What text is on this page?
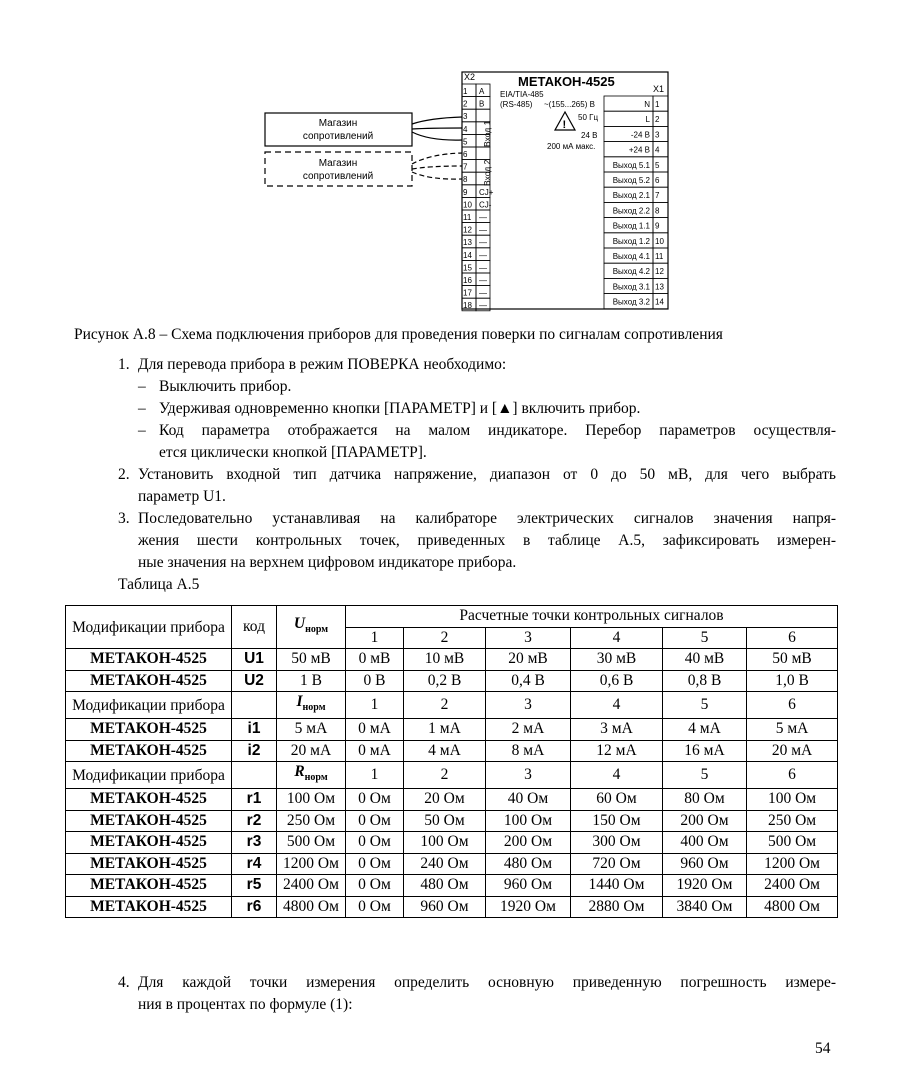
1 A
2 B
3
4
5
6
7
8
9 CJ+
10 CJ-
11 —
12 —
13 —
14 —
15 —
16 —
17 —
18 —
N 1
L 2
-24 В 3
+24 В 4
Выход 5.1 5
Выход 5.2 6
Выход 2.1 7
Выход 2.2 8
Выход 1.1 9
Выход 1.2 10
Выход 4.1 11
Выход 4.2 12
Выход 3.1 13
Выход 3.2 14
X2	МЕТАКОН-4525	X1
EIA/TIA-485
(RS-485) ~(155...265) В
50 Гц
!
24 В
200 мА макс.
Вход 1
Вход 2
Магазин
сопротивлений
Магазин
сопротивлений
Рисунок А.8 – Схема подключения приборов для проведения поверки по сигналам сопротивления
1. Для перевода прибора в режим ПОВЕРКА необходимо:
– Выключить прибор.
– Удерживая одновременно кнопки [ПАРАМЕТР] и [▲] включить прибор.
– Код параметра отображается на малом индикаторе. Перебор параметров осуществля-
ется циклически кнопкой [ПАРАМЕТР].
2. Установить входной тип датчика напряжение, диапазон от 0 до 50 мВ, для чего выбрать
параметр U1.
3. Последовательно устанавливая на калибраторе электрических сигналов значения напря-
жения шести контрольных точек, приведенных в таблице А.5, зафиксировать измерен-
ные значения на верхнем цифровом индикаторе прибора.
Таблица А.5
Модификации прибора	код	$U_{норм}$	Расчетные точки контрольных сигналов					
			1	2	3	4	5	6
МЕТАКОН-4525	U1	50 мВ	0 мВ	10 мВ	20 мВ	30 мВ	40 мВ	50 мВ
МЕТАКОН-4525	U2	1 В	0 В	0,2 В	0,4 В	0,6 В	0,8 В	1,0 В
Модификации прибора		$I_{норм}$	1	2	3	4	5	6
МЕТАКОН-4525	i1	5 мА	0 мА	1 мА	2 мА	3 мА	4 мА	5 мА
МЕТАКОН-4525	i2	20 мА	0 мА	4 мА	8 мА	12 мА	16 мА	20 мА
Модификации прибора		$R_{норм}$	1	2	3	4	5	6
МЕТАКОН-4525	r1	100 Ом	0 Ом	20 Ом	40 Ом	60 Ом	80 Ом	100 Ом
МЕТАКОН-4525	r2	250 Ом	0 Ом	50 Ом	100 Ом	150 Ом	200 Ом	250 Ом
МЕТАКОН-4525	r3	500 Ом	0 Ом	100 Ом	200 Ом	300 Ом	400 Ом	500 Ом
МЕТАКОН-4525	r4	1200 Ом	0 Ом	240 Ом	480 Ом	720 Ом	960 Ом	1200 Ом
МЕТАКОН-4525	r5	2400 Ом	0 Ом	480 Ом	960 Ом	1440 Ом	1920 Ом	2400 Ом
МЕТАКОН-4525	r6	4800 Ом	0 Ом	960 Ом	1920 Ом	2880 Ом	3840 Ом	4800 Ом
54
4. Для каждой точки измерения определить основную приведенную погрешность измере-
ния в процентах по формуле (1):
